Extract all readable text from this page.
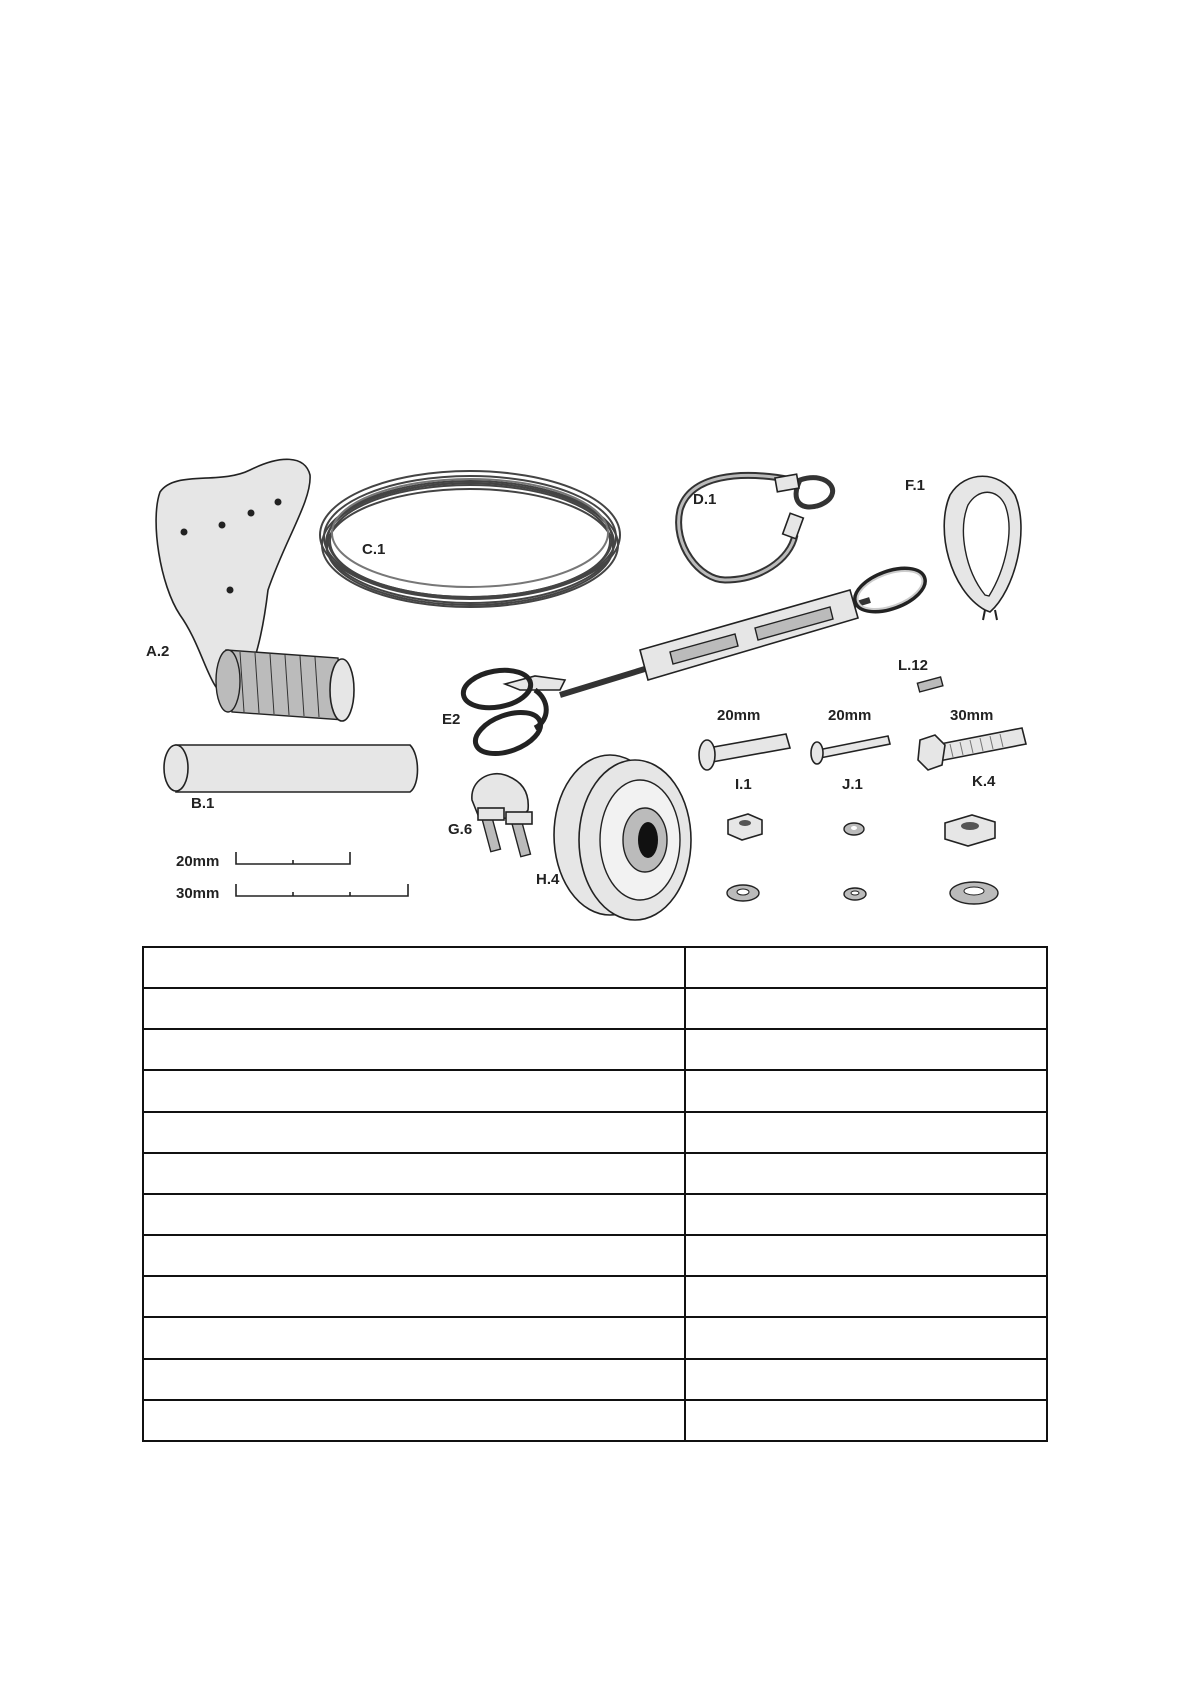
A.2
B.1
20mm
30mm
C.1
D.1
F.1
E2
G.6
H.4
L.12
20mm
I.1
20mm
J.1
30mm
K.4
